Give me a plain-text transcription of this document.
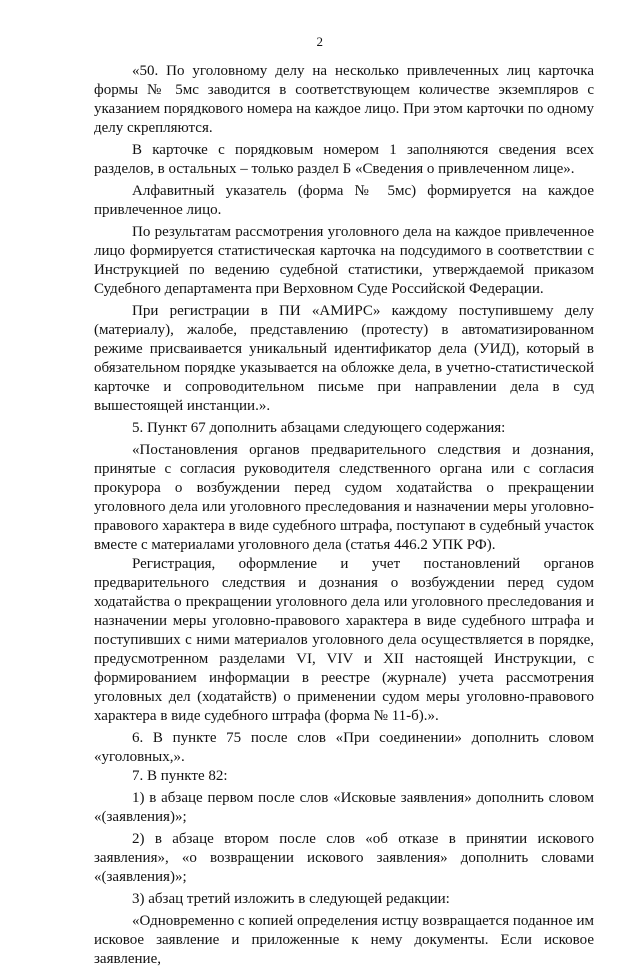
2

«50. По уголовному делу на несколько привлеченных лиц карточка формы № 5мс заводится в соответствующем количестве экземпляров с указанием порядкового номера на каждое лицо. При этом карточки по одному делу скрепляются.

В карточке с порядковым номером 1 заполняются сведения всех разделов, в остальных – только раздел Б «Сведения о привлеченном лице».

Алфавитный указатель (форма № 5мс) формируется на каждое привлеченное лицо.

По результатам рассмотрения уголовного дела на каждое привлеченное лицо формируется статистическая карточка на подсудимого в соответствии с Инструкцией по ведению судебной статистики, утверждаемой приказом Судебного департамента при Верховном Суде Российской Федерации.

При регистрации в ПИ «АМИРС» каждому поступившему делу (материалу), жалобе, представлению (протесту) в автоматизированном режиме присваивается уникальный идентификатор дела (УИД), который в обязательном порядке указывается на обложке дела, в учетно-статистической карточке и сопроводительном письме при направлении дела в суд вышестоящей инстанции.».

5. Пункт 67 дополнить абзацами следующего содержания:

«Постановления органов предварительного следствия и дознания, принятые с согласия руководителя следственного органа или с согласия прокурора о возбуждении перед судом ходатайства о прекращении уголовного дела или уголовного преследования и назначении меры уголовно-правового характера в виде судебного штрафа, поступают в судебный участок вместе с материалами уголовного дела (статья 446.2 УПК РФ).

Регистрация, оформление и учет постановлений органов предварительного следствия и дознания о возбуждении перед судом ходатайства о прекращении уголовного дела или уголовного преследования и назначении меры уголовно-правового характера в виде судебного штрафа и поступивших с ними материалов уголовного дела осуществляется в порядке, предусмотренном разделами VI, VIV и XII настоящей Инструкции, с формированием информации в реестре (журнале) учета рассмотрения уголовных дел (ходатайств) о применении судом меры уголовно-правового характера в виде судебного штрафа (форма № 11-б).».

6. В пункте 75 после слов «При соединении» дополнить словом «уголовных,».

7. В пункте 82:

1) в абзаце первом после слов «Исковые заявления» дополнить словом «(заявления)»;

2) в абзаце втором после слов «об отказе в принятии искового заявления», «о возвращении искового заявления» дополнить словами «(заявления)»;

3) абзац третий изложить в следующей редакции:

«Одновременно с копией определения истцу возвращается поданное им исковое заявление и приложенные к нему документы. Если исковое заявление,
